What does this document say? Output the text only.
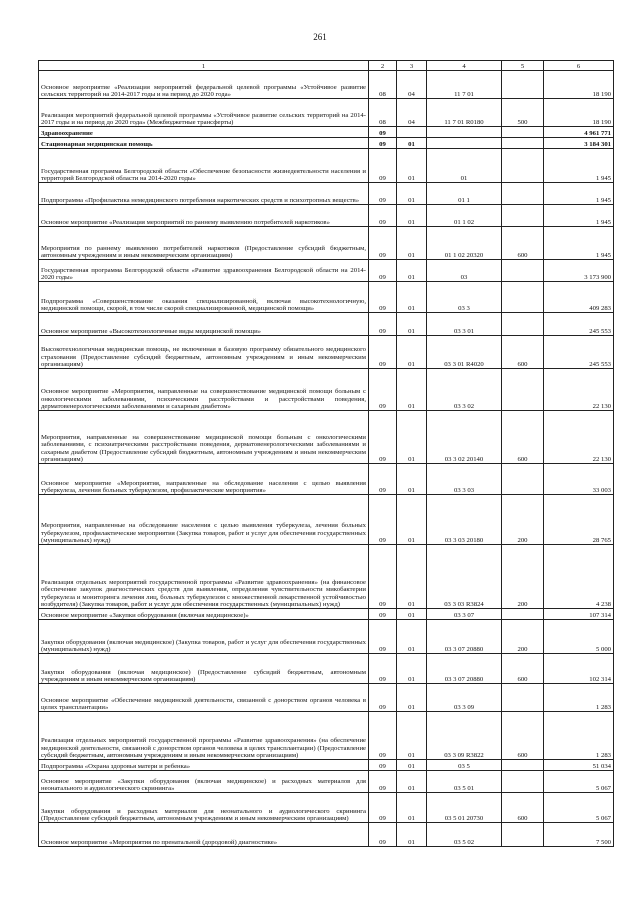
261
1	2	3	4	5	6
Основное мероприятие «Реализация мероприятий федеральной целевой программы «Устойчивое развитие сельских территорий на 2014-2017 годы и на период до 2020 года»	08	04	11 7 01		18 190
Реализация мероприятий федеральной целевой программы «Устойчивое развитие сельских территорий на 2014-2017 годы и на период до 2020 года» (Межбюджетные трансферты)	08	04	11 7 01 R0180	500	18 190
Здравоохранение	09				4 961 771
Стационарная медицинская помощь	09	01			3 184 301
Государственная программа Белгородской области «Обеспечение безопасности жизнедеятельности населения и территорий Белгородской области на 2014-2020 годы»	09	01	01		1 945
Подпрограмма «Профилактика немедицинского потребления наркотических средств и психотропных веществ»	09	01	01 1		1 945
Основное мероприятие «Реализация мероприятий по раннему выявлению потребителей наркотиков»	09	01	01 1 02		1 945
Мероприятия по раннему выявлению потребителей наркотиков (Предоставление субсидий бюджетным, автономным учреждениям и иным некоммерческим организациям)	09	01	01 1 02 20320	600	1 945
Государственная программа Белгородской области «Развитие здравоохранения Белгородской области на 2014-2020 годы»	09	01	03		3 173 900
Подпрограмма «Совершенствование оказания специализированной, включая высокотехнологичную, медицинской помощи, скорой, в том числе скорой специализированной, медицинской помощи»	09	01	03 3		409 283
Основное мероприятие «Высокотехнологичные виды медицинской помощи»	09	01	03 3 01		245 553
Высокотехнологичная медицинская помощь, не включенная в базовую программу обязательного медицинского страхования (Предоставление субсидий бюджетным, автономным учреждениям и иным некоммерческим организациям)	09	01	03 3 01 R4020	600	245 553
Основное мероприятие «Мероприятия, направленные на совершенствование медицинской помощи больным с онкологическими заболеваниями, психическими расстройствами и расстройствами поведения, дерматовенерологическими заболеваниями и сахарным диабетом»	09	01	03 3 02		22 130
Мероприятия, направленные на совершенствование медицинской помощи больным с онкологическими заболеваниями, с психиатрическими расстройствами поведения, дерматовенерологическими заболеваниями и сахарным диабетом (Предоставление субсидий бюджетным, автономным учреждениям и иным некоммерческим организациям)	09	01	03 3 02 20140	600	22 130
Основное мероприятие «Мероприятия, направленные на обследование населения с целью выявления туберкулеза, лечения больных туберкулезом, профилактические мероприятия»	09	01	03 3 03		33 003
Мероприятия, направленные на обследование населения с целью выявления туберкулеза, лечения больных туберкулезом, профилактические мероприятия (Закупка товаров, работ и услуг для обеспечения государственных (муниципальных) нужд)	09	01	03 3 03 20180	200	28 765
Реализация отдельных мероприятий государственной программы «Развитие здравоохранения» (на финансовое обеспечение закупок диагностических средств для выявления, определения чувствительности микобактерии туберкулеза и мониторинга лечения лиц, больных туберкулезом с множественной лекарственной устойчивостью возбудителя) (Закупка товаров, работ и услуг для обеспечения государственных (муниципальных) нужд)	09	01	03 3 03 R3824	200	4 238
Основное мероприятие «Закупки оборудования (включая медицинское)»	09	01	03 3 07		107 314
Закупки оборудования (включая медицинское) (Закупка товаров, работ и услуг для обеспечения государственных (муниципальных) нужд)	09	01	03 3 07 20880	200	5 000
Закупки оборудования (включая медицинское) (Предоставление субсидий бюджетным, автономным учреждениям и иным некоммерческим организациям)	09	01	03 3 07 20880	600	102 314
Основное мероприятие «Обеспечение медицинской деятельности, связанной с донорством органов человека в целях трансплантации»	09	01	03 3 09		1 283
Реализация отдельных мероприятий государственной программы «Развитие здравоохранения» (на обеспечение медицинской деятельности, связанной с донорством органов человека в целях трансплантации) (Предоставление субсидий бюджетным, автономным учреждениям и иным некоммерческим организациям)	09	01	03 3 09 R3822	600	1 283
Подпрограмма «Охрана здоровья матери и ребенка»	09	01	03 5		51 034
Основное мероприятие «Закупки оборудования (включая медицинское) и расходных материалов для неонатального и аудиологического скрининга»	09	01	03 5 01		5 067
Закупки оборудования и расходных материалов для неонатального и аудиологического скрининга (Предоставление субсидий бюджетным, автономным учреждениям и иным некоммерческим организациям)	09	01	03 5 01 20730	600	5 067
Основное мероприятие «Мероприятия по пренатальной (дородовой) диагностике»	09	01	03 5 02		7 500
